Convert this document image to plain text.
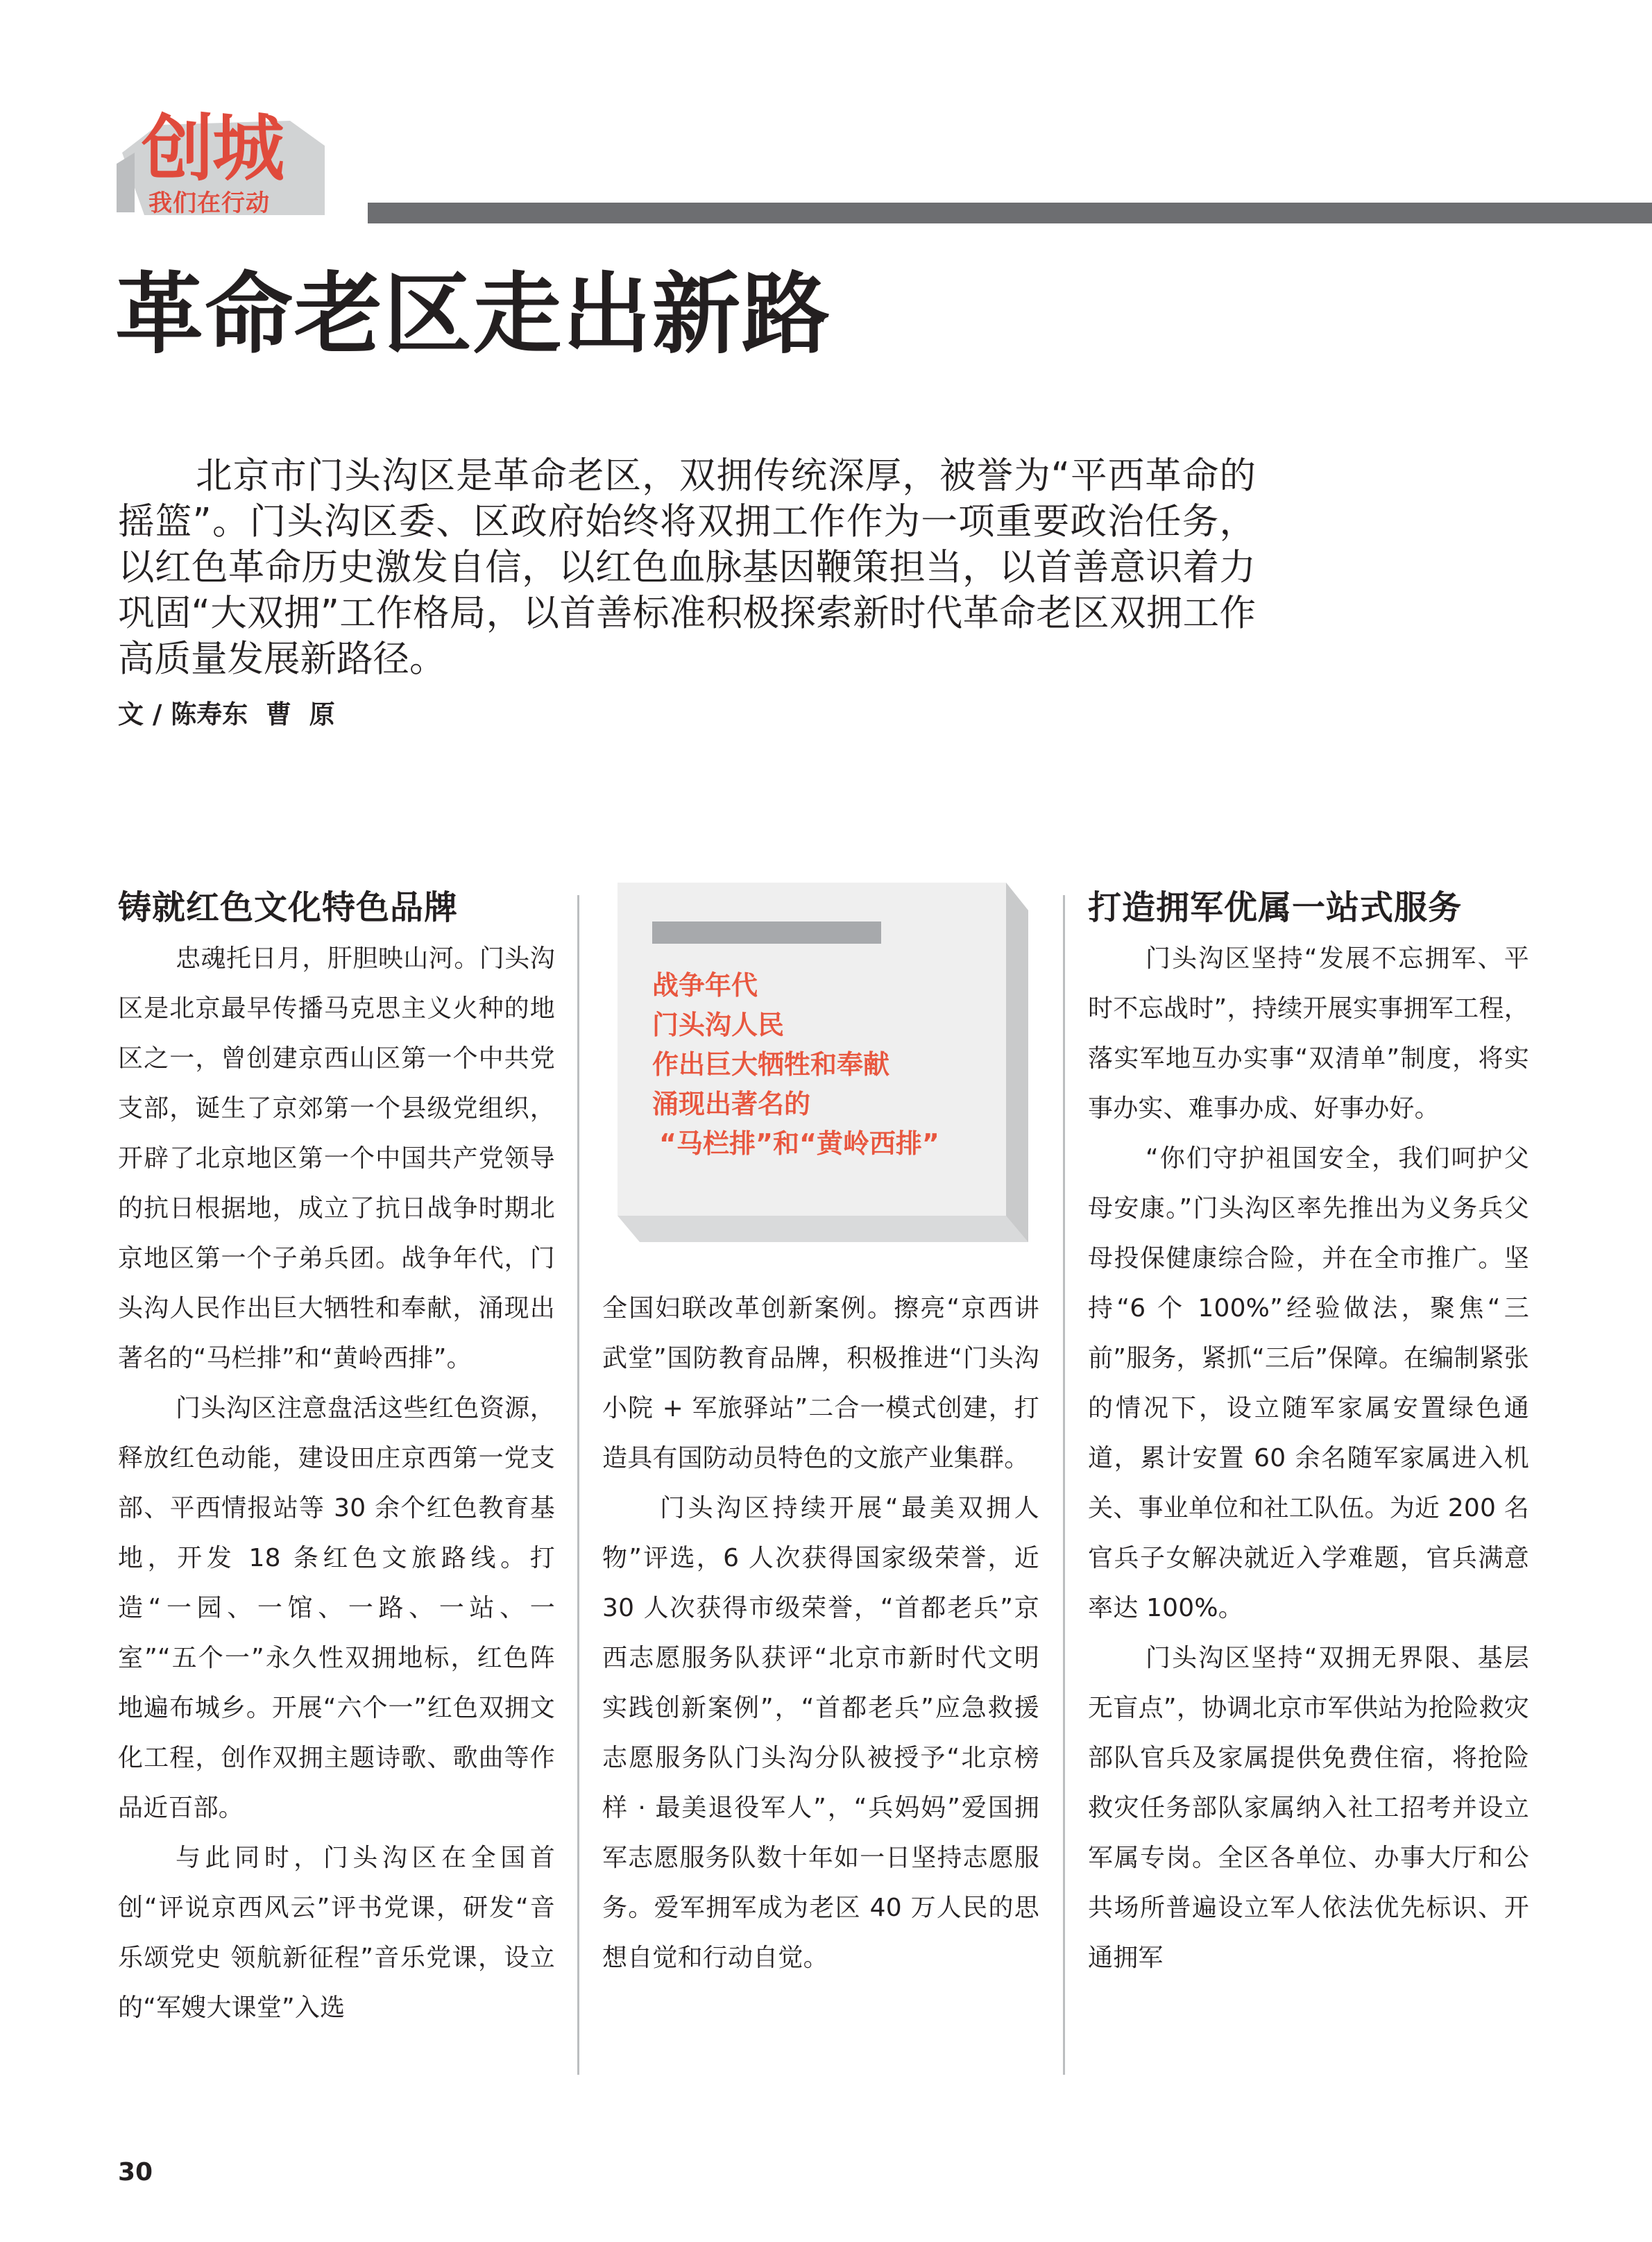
创城
我们在行动
革命老区走出新路

北京市门头沟区是革命老区，双拥传统深厚，被誉为“平西革命的摇篮”。门头沟区委、区政府始终将双拥工作作为一项重要政治任务，以红色革命历史激发自信，以红色血脉基因鞭策担当，以首善意识着力巩固“大双拥”工作格局，以首善标准积极探索新时代革命老区双拥工作高质量发展新路径。

文 / 陈寿东  曹  原
铸就红色文化特色品牌

忠魂托日月，肝胆映山河。门头沟区是北京最早传播马克思主义火种的地区之一，曾创建京西山区第一个中共党支部，诞生了京郊第一个县级党组织，开辟了北京地区第一个中国共产党领导的抗日根据地，成立了抗日战争时期北京地区第一个子弟兵团。战争年代，门头沟人民作出巨大牺牲和奉献，涌现出著名的“马栏排”和“黄岭西排”。

门头沟区注意盘活这些红色资源，释放红色动能，建设田庄京西第一党支部、平西情报站等 30 余个红色教育基地，开发 18 条红色文旅路线。打造“一园、一馆、一路、一站、一室”“五个一”永久性双拥地标，红色阵地遍布城乡。开展“六个一”红色双拥文化工程，创作双拥主题诗歌、歌曲等作品近百部。

与此同时，门头沟区在全国首创“评说京西风云”评书党课，研发“音乐颂党史 领航新征程”音乐党课，设立的“军嫂大课堂”入选

战争年代
门头沟人民
作出巨大牺牲和奉献
涌现出著名的
“马栏排”和“黄岭西排”

全国妇联改革创新案例。擦亮“京西讲武堂”国防教育品牌，积极推进“门头沟小院 + 军旅驿站”二合一模式创建，打造具有国防动员特色的文旅产业集群。

门头沟区持续开展“最美双拥人物”评选，6 人次获得国家级荣誉，近 30 人次获得市级荣誉，“首都老兵”京西志愿服务队获评“北京市新时代文明实践创新案例”，“首都老兵”应急救援志愿服务队门头沟分队被授予“北京榜样 · 最美退役军人”，“兵妈妈”爱国拥军志愿服务队数十年如一日坚持志愿服务。爱军拥军成为老区 40 万人民的思想自觉和行动自觉。

打造拥军优属一站式服务

门头沟区坚持“发展不忘拥军、平时不忘战时”，持续开展实事拥军工程，落实军地互办实事“双清单”制度，将实事办实、难事办成、好事办好。

“你们守护祖国安全，我们呵护父母安康。”门头沟区率先推出为义务兵父母投保健康综合险，并在全市推广。坚持“6 个 100%”经验做法，聚焦“三前”服务，紧抓“三后”保障。在编制紧张的情况下，设立随军家属安置绿色通道，累计安置 60 余名随军家属进入机关、事业单位和社工队伍。为近 200 名官兵子女解决就近入学难题，官兵满意率达 100%。

门头沟区坚持“双拥无界限、基层无盲点”，协调北京市军供站为抢险救灾部队官兵及家属提供免费住宿，将抢险救灾任务部队家属纳入社工招考并设立军属专岗。全区各单位、办事大厅和公共场所普遍设立军人依法优先标识、开通拥军

30
